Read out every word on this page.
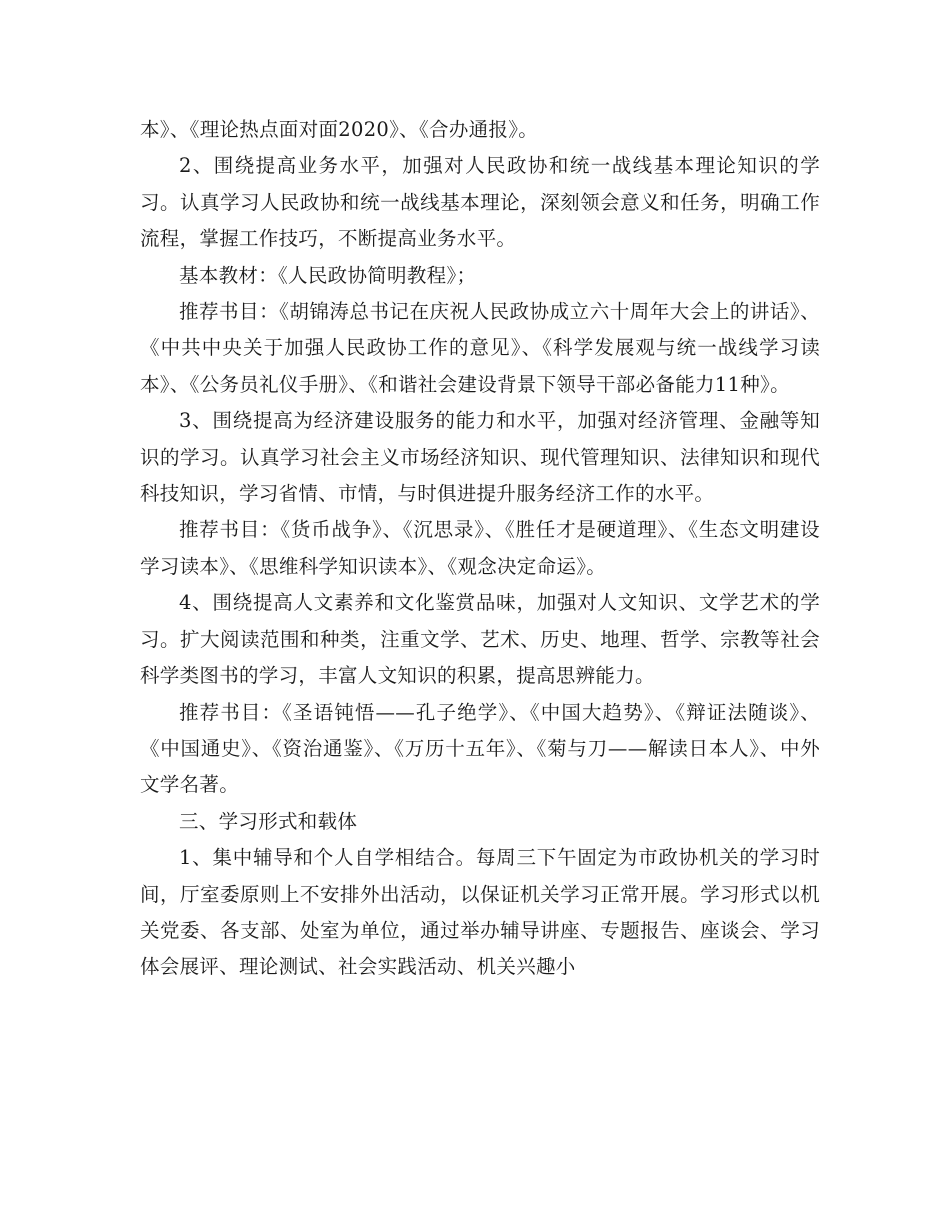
本》、《理论热点面对面2020》、《合办通报》。

2、围绕提高业务水平，加强对人民政协和统一战线基本理论知识的学习。认真学习人民政协和统一战线基本理论，深刻领会意义和任务，明确工作流程，掌握工作技巧，不断提高业务水平。

基本教材：《人民政协简明教程》；

推荐书目：《胡锦涛总书记在庆祝人民政协成立六十周年大会上的讲话》、《中共中央关于加强人民政协工作的意见》、《科学发展观与统一战线学习读本》、《公务员礼仪手册》、《和谐社会建设背景下领导干部必备能力11种》。

3、围绕提高为经济建设服务的能力和水平，加强对经济管理、金融等知识的学习。认真学习社会主义市场经济知识、现代管理知识、法律知识和现代科技知识，学习省情、市情，与时俱进提升服务经济工作的水平。

推荐书目：《货币战争》、《沉思录》、《胜任才是硬道理》、《生态文明建设学习读本》、《思维科学知识读本》、《观念决定命运》。

4、围绕提高人文素养和文化鉴赏品味，加强对人文知识、文学艺术的学习。扩大阅读范围和种类，注重文学、艺术、历史、地理、哲学、宗教等社会科学类图书的学习，丰富人文知识的积累，提高思辨能力。

推荐书目：《圣语钝悟——孔子绝学》、《中国大趋势》、《辩证法随谈》、《中国通史》、《资治通鉴》、《万历十五年》、《菊与刀——解读日本人》、中外文学名著。

三、学习形式和载体

1、集中辅导和个人自学相结合。每周三下午固定为市政协机关的学习时间，厅室委原则上不安排外出活动，以保证机关学习正常开展。学习形式以机关党委、各支部、处室为单位，通过举办辅导讲座、专题报告、座谈会、学习体会展评、理论测试、社会实践活动、机关兴趣小
